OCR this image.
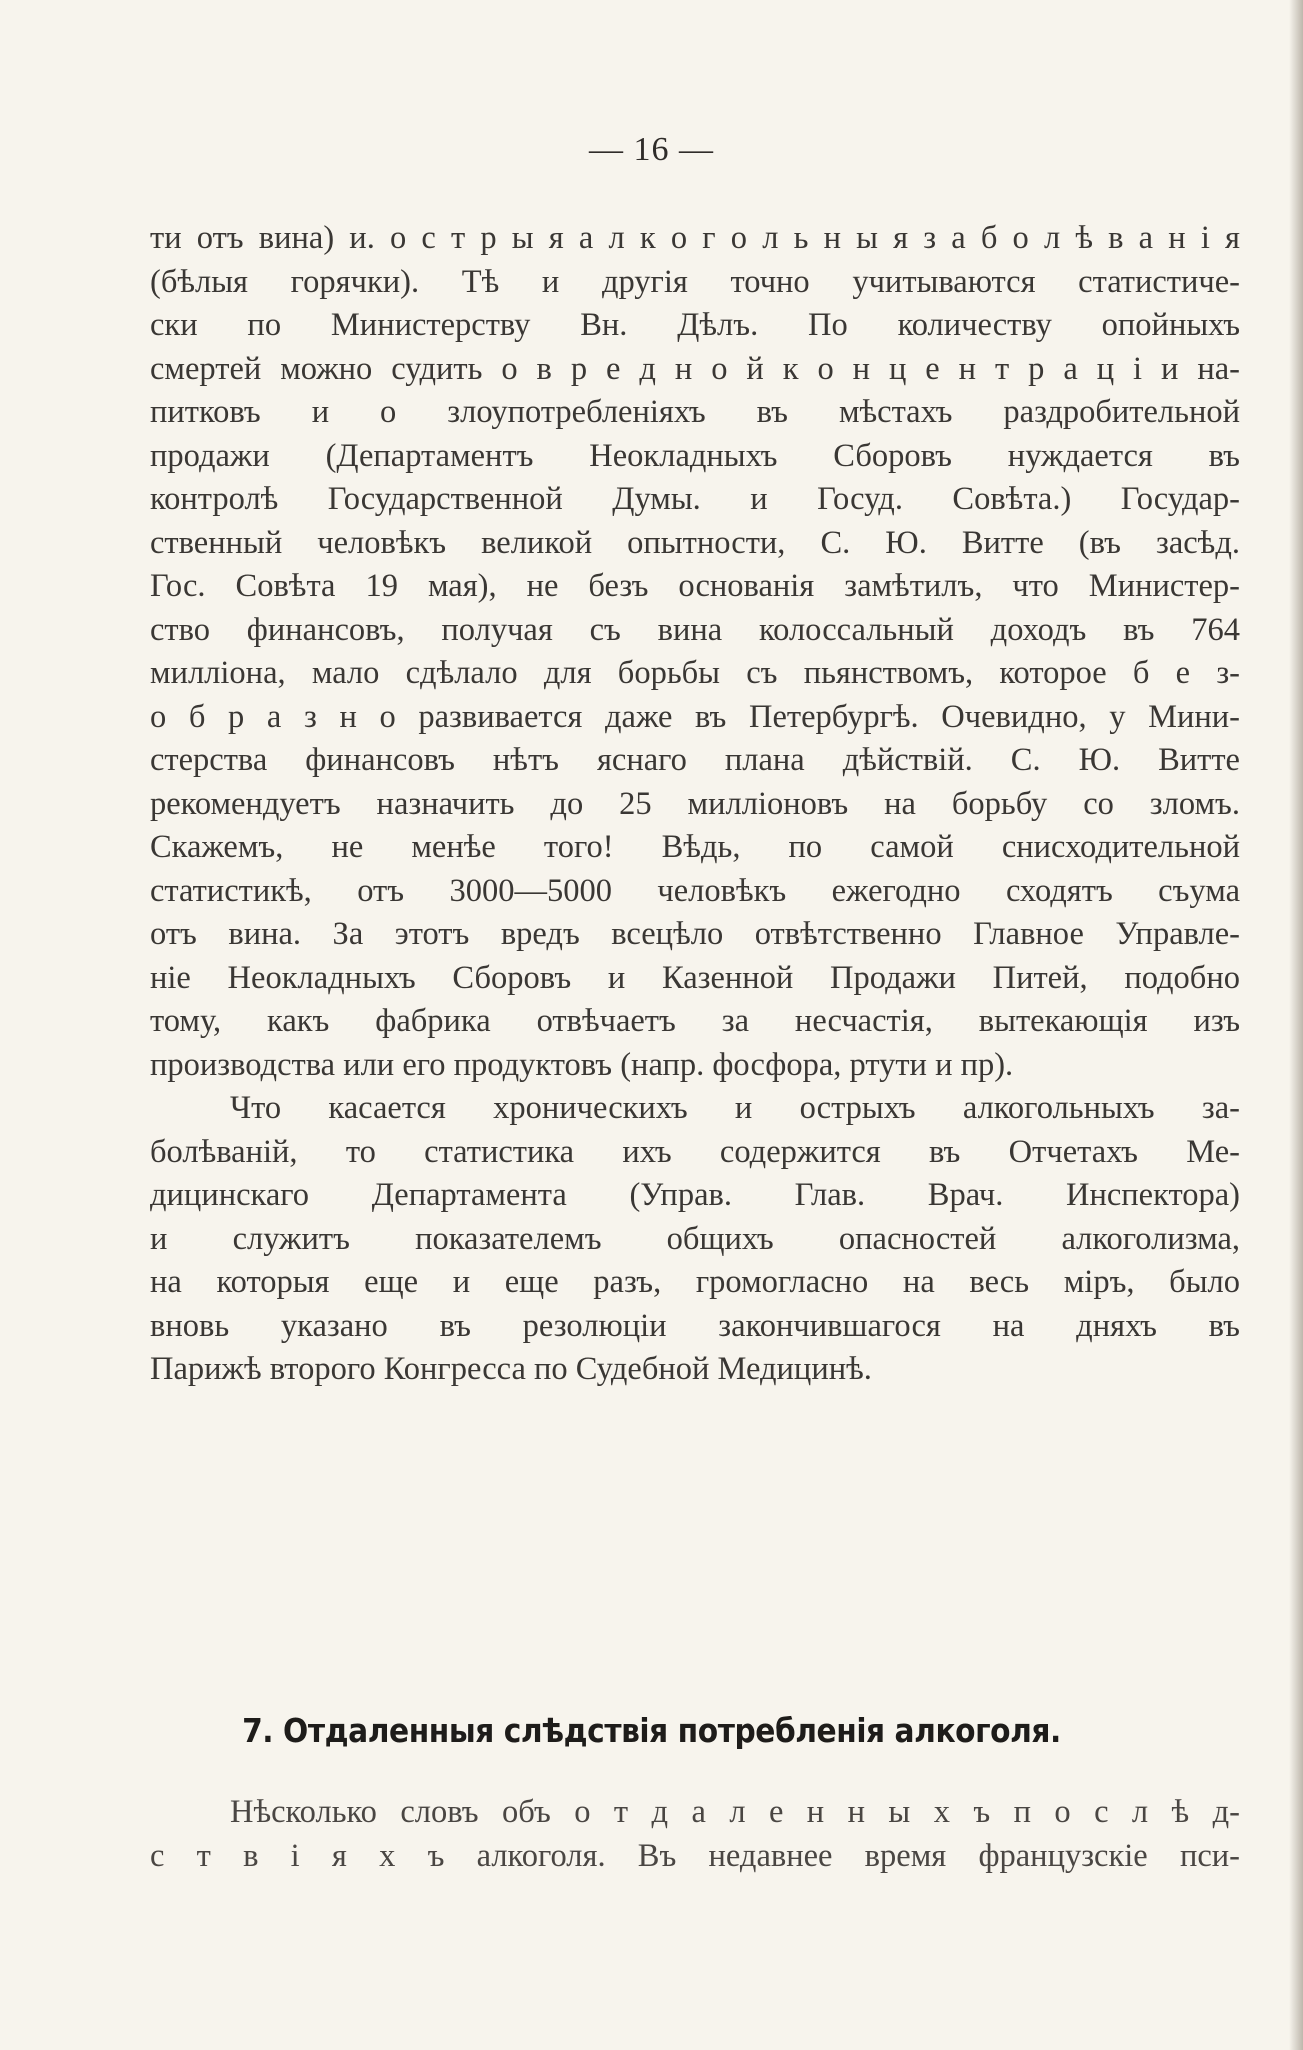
— 16 —
ти отъ вина) и. о с т р ы я а л к о г о л ь н ы я з а б о л ѣ в а н і я
(бѣлыя горячки). Тѣ и другія точно учитываются статистиче-
ски по Министерству Вн. Дѣлъ. По количеству опойныхъ
смертей можно судить о в р е д н о й к о н ц е н т р а ц і и на-
питковъ и о злоупотребленіяхъ въ мѣстахъ раздробительной
продажи (Департаментъ Неокладныхъ Сборовъ нуждается въ
контролѣ Государственной Думы. и Госуд. Совѣта.) Государ-
ственный человѣкъ великой опытности, С. Ю. Витте (въ засѣд.
Гос. Совѣта 19 мая), не безъ основанія замѣтилъ, что Министер-
ство финансовъ, получая съ вина колоссальный доходъ въ 764
милліона, мало сдѣлало для борьбы съ пьянствомъ, которое б е з-
о б р а з н о развивается даже въ Петербургѣ. Очевидно, у Мини-
стерства финансовъ нѣтъ яснаго плана дѣйствій. С. Ю. Витте
рекомендуетъ назначить до 25 милліоновъ на борьбу со зломъ.
Скажемъ, не менѣе того! Вѣдь, по самой снисходительной
статистикѣ, отъ 3000—5000 человѣкъ ежегодно сходятъ съума
отъ вина. За этотъ вредъ всецѣло отвѣтственно Главное Управле-
ніе Неокладныхъ Сборовъ и Казенной Продажи Питей, подобно
тому, какъ фабрика отвѣчаетъ за несчастія, вытекающія изъ
производства или его продуктовъ (напр. фосфора, ртути и пр).
Что касается хроническихъ и острыхъ алкогольныхъ за-
болѣваній, то статистика ихъ содержится въ Отчетахъ Ме-
дицинскаго Департамента (Управ. Глав. Врач. Инспектора)
и служитъ показателемъ общихъ опасностей алкоголизма,
на которыя еще и еще разъ, громогласно на весь міръ, было
вновь указано въ резолюціи закончившагося на дняхъ въ
Парижѣ второго Конгресса по Судебной Медицинѣ.
7. Отдаленныя слѣдствія потребленія алкоголя.
Нѣсколько словъ объ о т д а л е н н ы х ъ п о с л ѣ д-
с т в і я х ъ алкоголя. Въ недавнее время французскіе пси-
